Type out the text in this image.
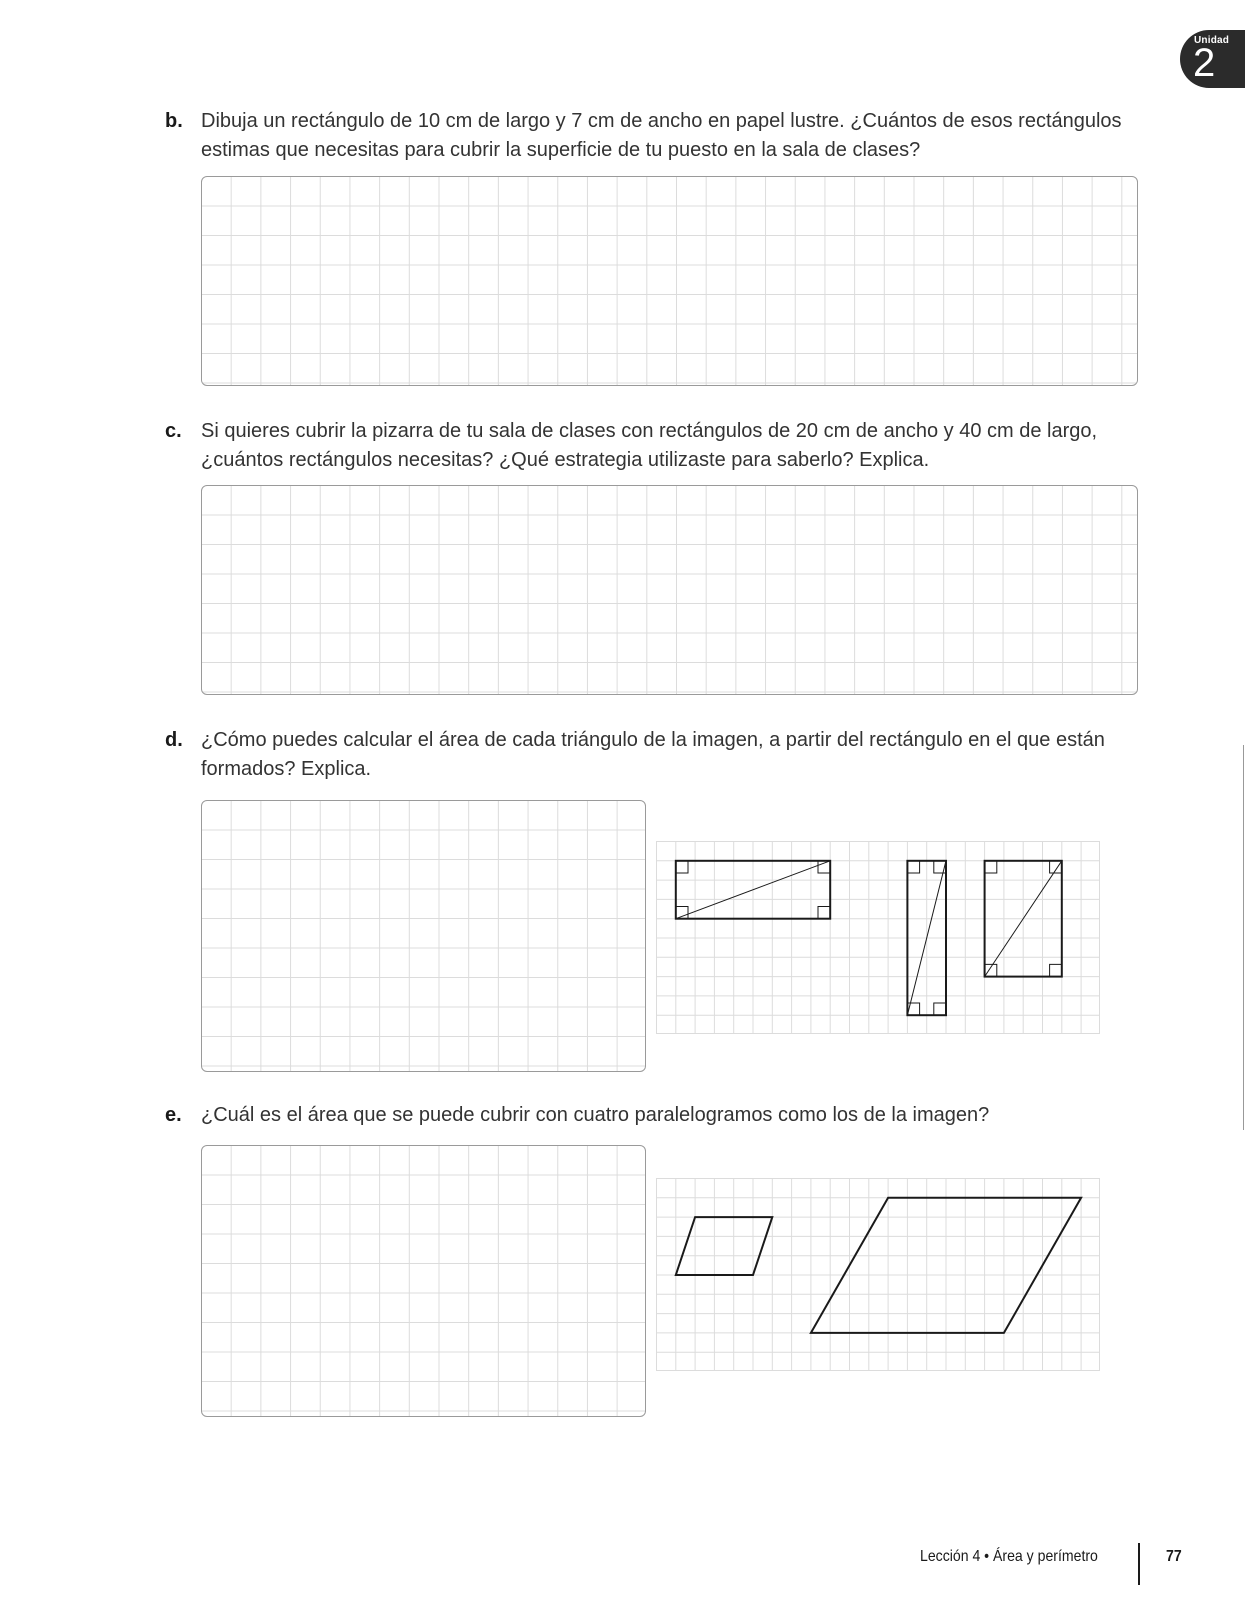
Unidad
2
b. Dibuja un rectángulo de 10 cm de largo y 7 cm de ancho en papel lustre. ¿Cuántos de esos rectángulos estimas que necesitas para cubrir la superficie de tu puesto en la sala de clases?
c. Si quieres cubrir la pizarra de tu sala de clases con rectángulos de 20 cm de ancho y 40 cm de largo, ¿cuántos rectángulos necesitas? ¿Qué estrategia utilizaste para saberlo? Explica.
d. ¿Cómo puedes calcular el área de cada triángulo de la imagen, a partir del rectángulo en el que están formados? Explica.
e. ¿Cuál es el área que se puede cubrir con cuatro paralelogramos como los de la imagen?
Lección 4 • Área y perímetro	77
